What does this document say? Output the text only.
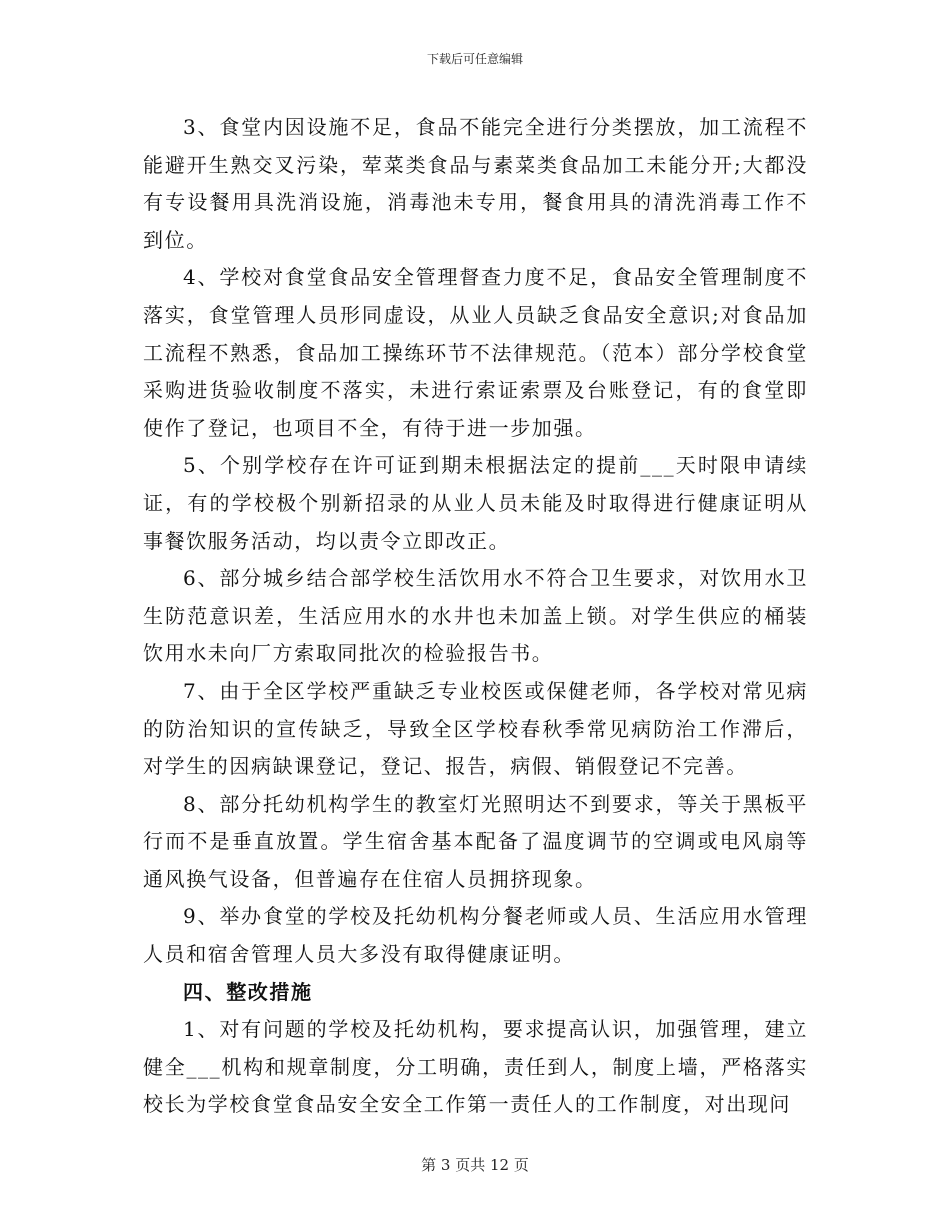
下载后可任意编辑

3、食堂内因设施不足，食品不能完全进行分类摆放，加工流程不能避开生熟交叉污染，荤菜类食品与素菜类食品加工未能分开;大都没有专设餐用具洗消设施，消毒池未专用，餐食用具的清洗消毒工作不到位。

4、学校对食堂食品安全管理督查力度不足，食品安全管理制度不落实，食堂管理人员形同虚设，从业人员缺乏食品安全意识;对食品加工流程不熟悉，食品加工操练环节不法律规范。（范本）部分学校食堂采购进货验收制度不落实，未进行索证索票及台账登记，有的食堂即使作了登记，也项目不全，有待于进一步加强。

5、个别学校存在许可证到期未根据法定的提前___天时限申请续证，有的学校极个别新招录的从业人员未能及时取得进行健康证明从事餐饮服务活动，均以责令立即改正。

6、部分城乡结合部学校生活饮用水不符合卫生要求，对饮用水卫生防范意识差，生活应用水的水井也未加盖上锁。对学生供应的桶装饮用水未向厂方索取同批次的检验报告书。

7、由于全区学校严重缺乏专业校医或保健老师，各学校对常见病的防治知识的宣传缺乏，导致全区学校春秋季常见病防治工作滞后，对学生的因病缺课登记，登记、报告，病假、销假登记不完善。

8、部分托幼机构学生的教室灯光照明达不到要求，等关于黑板平行而不是垂直放置。学生宿舍基本配备了温度调节的空调或电风扇等通风换气设备，但普遍存在住宿人员拥挤现象。

9、举办食堂的学校及托幼机构分餐老师或人员、生活应用水管理人员和宿舍管理人员大多没有取得健康证明。

四、整改措施

1、对有问题的学校及托幼机构，要求提高认识，加强管理，建立健全___机构和规章制度，分工明确，责任到人，制度上墙，严格落实校长为学校食堂食品安全安全工作第一责任人的工作制度，对出现问

第 3 页共 12 页
